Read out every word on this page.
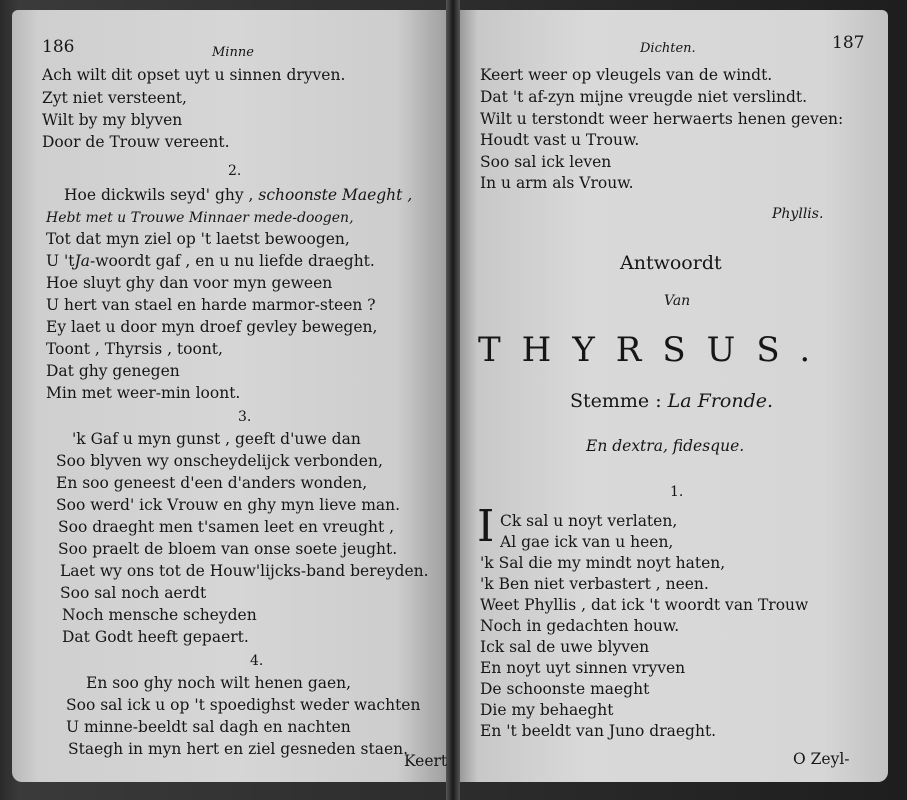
186	Minne
Ach wilt dit opset uyt u sinnen dryven.
Zyt niet versteent,
Wilt by my blyven
Door de Trouw vereent.
2.
Hoe dickwils seyd' ghy , schoonste Maeght ,
Hebt met u Trouwe Minnaer mede-doogen,
Tot dat myn ziel op 't laetst bewoogen,
U 'tJa-woordt gaf , en u nu liefde draeght.
Hoe sluyt ghy dan voor myn geween
U hert van stael en harde marmor-steen ?
Ey laet u door myn droef gevley bewegen,
Toont , Thyrsis , toont,
Dat ghy genegen
Min met weer-min loont.
3.
'k Gaf u myn gunst , geeft d'uwe dan
Soo blyven wy onscheydelijck verbonden,
En soo geneest d'een d'anders wonden,
Soo werd' ick Vrouw en ghy myn lieve man.
Soo draeght men t'samen leet en vreught ,
Soo praelt de bloem van onse soete jeught.
Laet wy ons tot de Houw'lijcks-band bereyden.
Soo sal noch aerdt
Noch mensche scheyden
Dat Godt heeft gepaert.
4.
En soo ghy noch wilt henen gaen,
Soo sal ick u op 't spoedighst weder wachten
U minne-beeldt sal dagh en nachten
Staegh in myn hert en ziel gesneden staen.
Keert
Dichten.	187
Keert weer op vleugels van de windt.
Dat 't af-zyn mijne vreugde niet verslindt.
Wilt u terstondt weer herwaerts henen geven:
Houdt vast u Trouw.
Soo sal ick leven
In u arm als Vrouw.
Phyllis.
Antwoordt
Van
THYRSUS.
Stemme : La Fronde.
En dextra, fidesque.
1.
I Ck sal u noyt verlaten,
Al gae ick van u heen,
'k Sal die my mindt noyt haten,
'k Ben niet verbastert , neen.
Weet Phyllis , dat ick 't woordt van Trouw
Noch in gedachten houw.
Ick sal de uwe blyven
En noyt uyt sinnen vryven
De schoonste maeght
Die my behaeght
En 't beeldt van Juno draeght.
O Zeyl-
